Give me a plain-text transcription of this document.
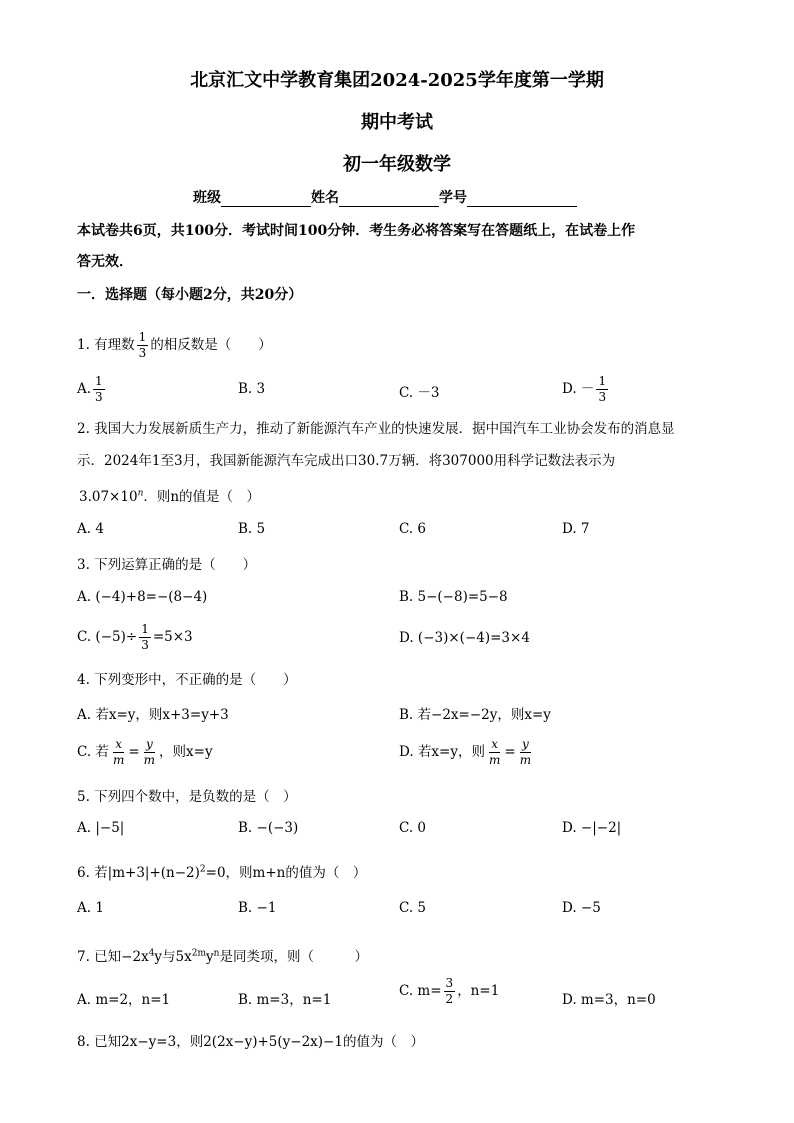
北京汇文中学教育集团2024-2025学年度第一学期
期中考试
初一年级数学
班级	姓名	学号
本试卷共6页，共100分．考试时间100分钟．考生务必将答案写在答题纸上，在试卷上作
答无效．
一．选择题（每小题2分，共20分）
1. 有理数 $\frac{1}{3}$ 的相反数是（　　）
A. $\frac{1}{3}$	B. 3	C. －3	D. － $\frac{1}{3}$
2. 我国大力发展新质生产力，推动了新能源汽车产业的快速发展．据中国汽车工业协会发布的消息显
示．2024年1至3月，我国新能源汽车完成出口30.7万辆．将307000用科学记数法表示为
$3.07\times 10^n$．则n的值是（　）
A. 4	B. 5	C. 6	D. 7
3. 下列运算正确的是（　　）
A. (−4)+8=−(8−4)	B. 5−(−8)=5−8
C. $(-5)\div \frac{1}{3} =5\times 3$	D. (−3)×(−4)=3×4
4. 下列变形中，不正确的是（　　）
A. 若x=y，则x+3=y+3	B. 若−2x=−2y，则x=y
C. 若 $\frac{x}{m} = \frac{y}{m}$ ，则x=y	D. 若x=y，则 $\frac{x}{m} = \frac{y}{m}$
5. 下列四个数中，是负数的是（　）
A. |−5|	B. −(−3)	C. 0	D. −|−2|
6. 若$|m+3|+(n-2)^2=0$，则m+n的值为（　）
A. 1	B. −1	C. 5	D. −5
7. 已知$-2x^4y$与$5x^{2m}y^n$是同类项，则（　　　）
A. m=2，n=1	B. m=3，n=1
C. $m= \frac{3}{2}$ ，n=1
D. m=3，n=0
8. 已知2x−y=3，则2(2x−y)+5(y−2x)−1的值为（　）
